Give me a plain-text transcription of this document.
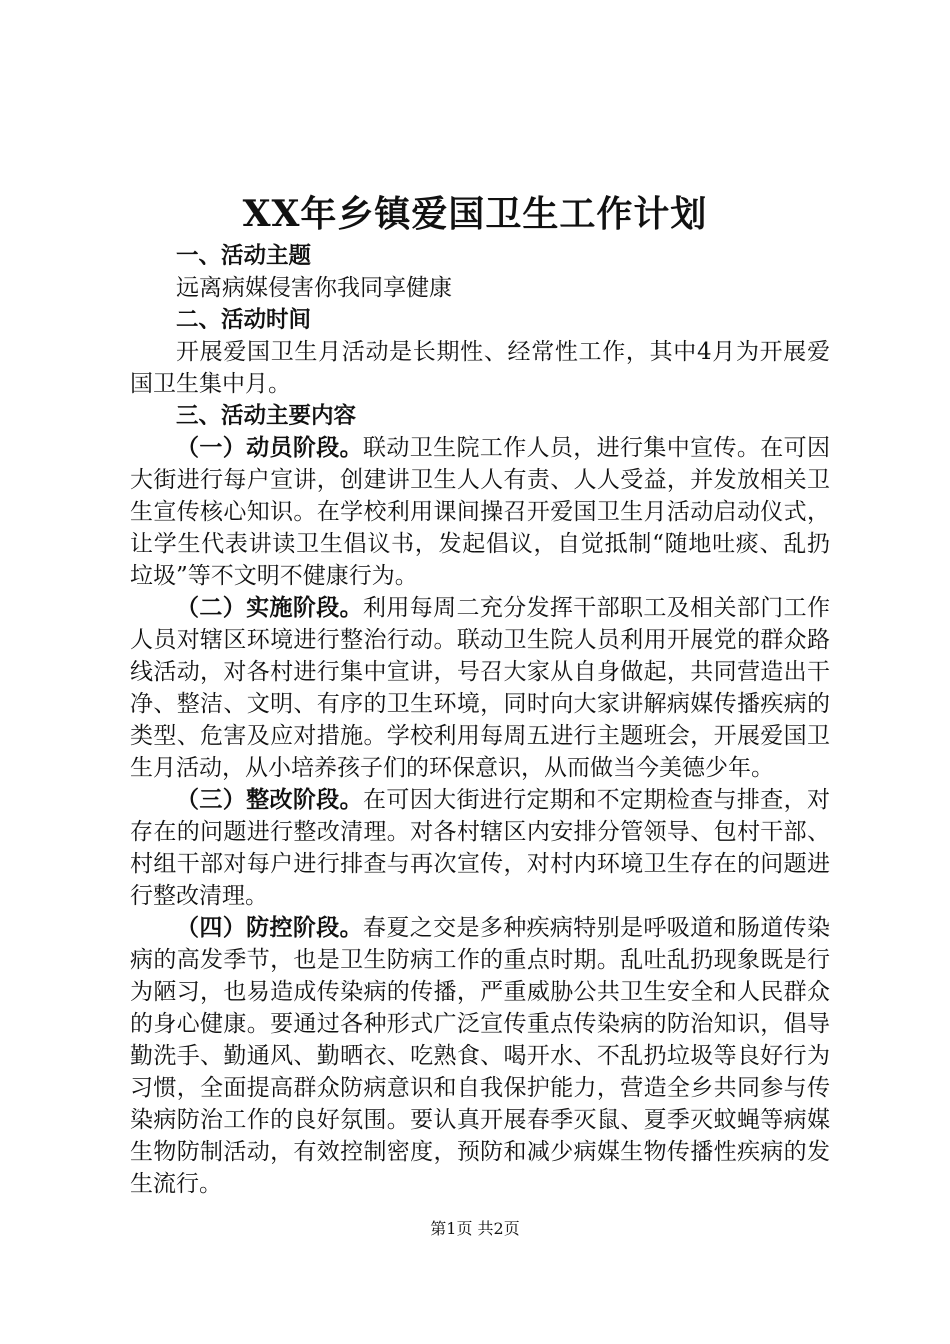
XX年乡镇爱国卫生工作计划

一、活动主题

远离病媒侵害你我同享健康

二、活动时间

开展爱国卫生月活动是长期性、经常性工作，其中4月为开展爱国卫生集中月。

三、活动主要内容

（一）动员阶段。联动卫生院工作人员，进行集中宣传。在可因大街进行每户宣讲，创建讲卫生人人有责、人人受益，并发放相关卫生宣传核心知识。在学校利用课间操召开爱国卫生月活动启动仪式，让学生代表讲读卫生倡议书，发起倡议，自觉抵制“随地吐痰、乱扔垃圾”等不文明不健康行为。

（二）实施阶段。利用每周二充分发挥干部职工及相关部门工作人员对辖区环境进行整治行动。联动卫生院人员利用开展党的群众路线活动，对各村进行集中宣讲，号召大家从自身做起，共同营造出干净、整洁、文明、有序的卫生环境，同时向大家讲解病媒传播疾病的类型、危害及应对措施。学校利用每周五进行主题班会，开展爱国卫生月活动，从小培养孩子们的环保意识，从而做当今美德少年。

（三）整改阶段。在可因大街进行定期和不定期检查与排查，对存在的问题进行整改清理。对各村辖区内安排分管领导、包村干部、村组干部对每户进行排查与再次宣传，对村内环境卫生存在的问题进行整改清理。

（四）防控阶段。春夏之交是多种疾病特别是呼吸道和肠道传染病的高发季节，也是卫生防病工作的重点时期。乱吐乱扔现象既是行为陋习，也易造成传染病的传播，严重威胁公共卫生安全和人民群众的身心健康。要通过各种形式广泛宣传重点传染病的防治知识，倡导勤洗手、勤通风、勤晒衣、吃熟食、喝开水、不乱扔垃圾等良好行为习惯，全面提高群众防病意识和自我保护能力，营造全乡共同参与传染病防治工作的良好氛围。要认真开展春季灭鼠、夏季灭蚊蝇等病媒生物防制活动，有效控制密度，预防和减少病媒生物传播性疾病的发生流行。

第1页 共2页
